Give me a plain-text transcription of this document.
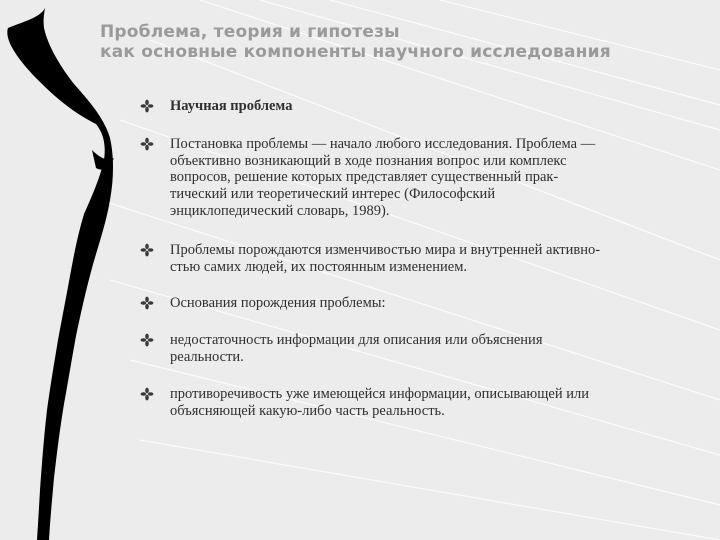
Проблема, теория и гипотезы
как основные компоненты научного исследования
Научная проблема
Постановка проблемы — начало любого исследования. Проблема — объективно возникающий в ходе познания вопрос или комплекс вопросов, решение которых представляет существенный прак-тический или теоретический интерес (Философский энциклопедический словарь, 1989).
Проблемы порождаются изменчивостью мира и внутренней активно-стью самих людей, их постоянным изменением.
Основания порождения проблемы:
недостаточность информации для описания или объяснения реальности.
противоречивость уже имеющейся информации, описывающей или объясняющей какую-либо часть реальность.
